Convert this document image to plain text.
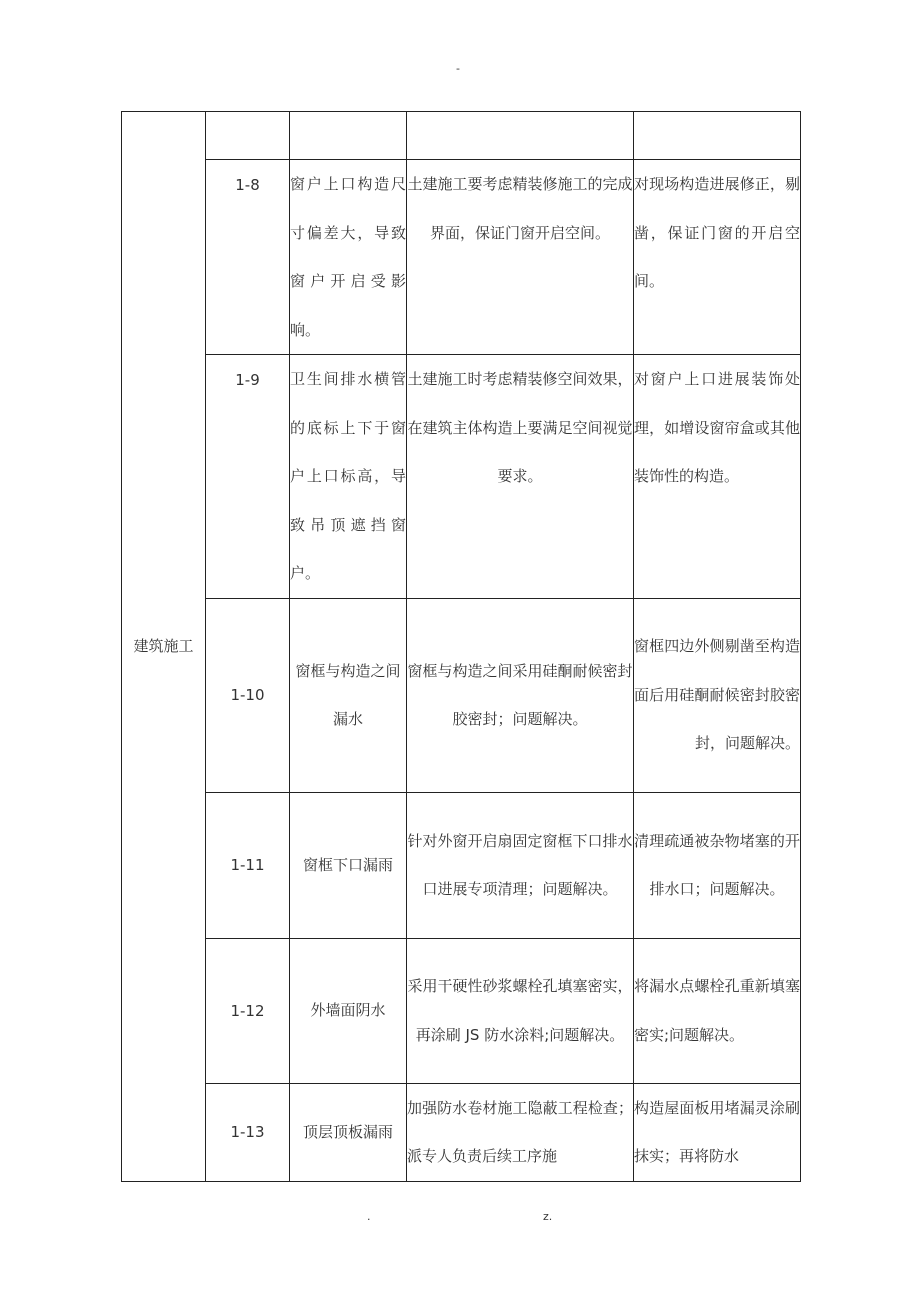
-
建筑施工				
	1-8	窗户上口构造尺寸偏差大，导致窗户开启受影响。	土建施工要考虑精装修施工的完成界面，保证门窗开启空间。	对现场构造进展修正，剔凿，保证门窗的开启空间。
	1-9	卫生间排水横管的底标上下于窗户上口标高，导致吊顶遮挡窗户。	土建施工时考虑精装修空间效果，在建筑主体构造上要满足空间视觉要求。	对窗户上口进展装饰处理，如增设窗帘盒或其他装饰性的构造。
	1-10	窗框与构造之间漏水	窗框与构造之间采用硅酮耐候密封胶密封；问题解决。	窗框四边外侧剔凿至构造面后用硅酮耐候密封胶密封，问题解决。
	1-11	窗框下口漏雨	针对外窗开启扇固定窗框下口排水口进展专项清理；问题解决。	清理疏通被杂物堵塞的开排水口；问题解决。
	1-12	外墙面阴水	采用干硬性砂浆螺栓孔填塞密实，再涂刷 JS 防水涂料;问题解决。	将漏水点螺栓孔重新填塞密实;问题解决。
	1-13	顶层顶板漏雨	加强防水卷材施工隐蔽工程检查；派专人负责后续工序施	构造屋面板用堵漏灵涂刷抹实；再将防水
.	z.
